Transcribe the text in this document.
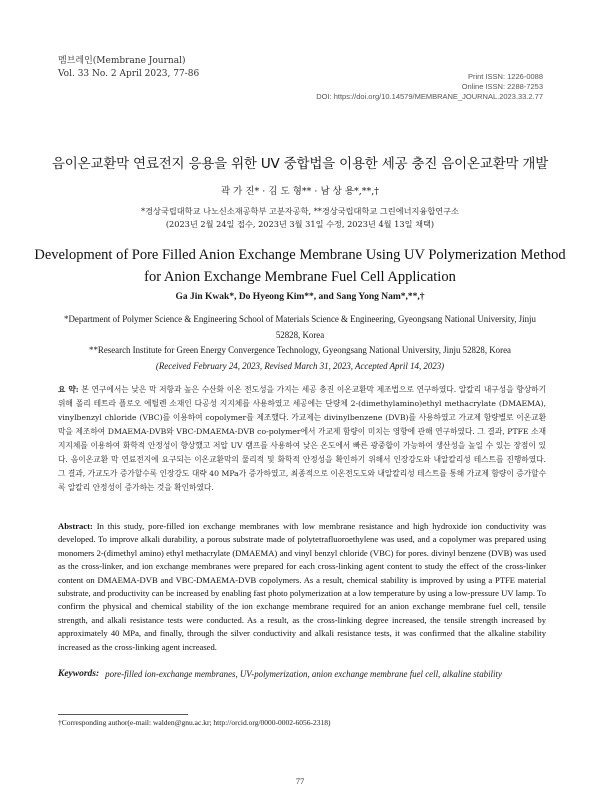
멤브레인(Membrane Journal)
Vol. 33 No. 2 April 2023, 77-86	Print ISSN: 1226-0088
Online ISSN: 2288-7253
DOI: https://doi.org/10.14579/MEMBRANE_JOURNAL.2023.33.2.77
음이온교환막 연료전지 응용을 위한 UV 중합법을 이용한 세공 충진 음이온교환막 개발
곽 가 진* · 김 도 형** · 남 상 용*,**,†
*경상국립대학교 나노신소재공학부 고분자공학, **경상국립대학교 그린에너지융합연구소
(2023년 2월 24일 접수, 2023년 3월 31일 수정, 2023년 4월 13일 채택)
Development of Pore Filled Anion Exchange Membrane Using UV Polymerization Method
for Anion Exchange Membrane Fuel Cell Application
Ga Jin Kwak*, Do Hyeong Kim**, and Sang Yong Nam*,**,†

*Department of Polymer Science & Engineering School of Materials Science & Engineering, Gyeongsang National University, Jinju 52828, Korea

**Research Institute for Green Energy Convergence Technology, Gyeongsang National University, Jinju 52828, Korea

(Received February 24, 2023, Revised March 31, 2023, Accepted April 14, 2023)

요 약: 본 연구에서는 낮은 막 저항과 높은 수산화 이온 전도성을 가지는 세공 충진 이온교환막 제조법으로 연구하였다. 알칼리 내구성을 향상하기 위해 폴리 테트라 플로오 에틸렌 소재인 다공성 지지체를 사용하였고 세공에는 단량체 2-(dimethylamino)ethyl methacrylate (DMAEMA), vinylbenzyl chloride (VBC)를 이용하여 copolymer를 제조했다. 가교제는 divinylbenzene (DVB)를 사용하였고 가교제 함량별로 이온교환막을 제조하여 DMAEMA-DVB와 VBC-DMAEMA-DVB co-polymer에서 가교제 함량이 미치는 영향에 관해 연구하였다. 그 결과, PTFE 소재 지지체를 이용하여 화학적 안정성이 향상했고 저압 UV 램프를 사용하여 낮은 온도에서 빠른 광중합이 가능하여 생산성을 높일 수 있는 장점이 있다. 음이온교환 막 연료전지에 요구되는 이온교환막의 물리적 및 화학적 안정성을 확인하기 위해서 인장강도와 내알칼리성 테스트를 진행하였다. 그 결과, 가교도가 증가할수록 인장강도 대략 40 MPa가 증가하였고, 최종적으로 이온전도도와 내알칼리성 테스트를 통해 가교제 함량이 증가할수록 알칼리 안정성이 증가하는 것을 확인하였다.
Abstract: In this study, pore-filled ion exchange membranes with low membrane resistance and high hydroxide ion conductivity was developed. To improve alkali durability, a porous substrate made of polytetrafluoroethylene was used, and a copolymer was prepared using monomers 2-(dimethyl amino) ethyl methacrylate (DMAEMA) and vinyl benzyl chloride (VBC) for pores. divinyl benzene (DVB) was used as the cross-linker, and ion exchange membranes were prepared for each cross-linking agent content to study the effect of the cross-linker content on DMAEMA-DVB and VBC-DMAEMA-DVB copolymers. As a result, chemical stability is improved by using a PTFE material substrate, and productivity can be increased by enabling fast photo polymerization at a low temperature by using a low-pressure UV lamp. To confirm the physical and chemical stability of the ion exchange membrane required for an anion exchange membrane fuel cell, tensile strength, and alkali resistance tests were conducted. As a result, as the cross-linking degree increased, the tensile strength increased by approximately 40 MPa, and finally, through the silver conductivity and alkali resistance tests, it was confirmed that the alkaline stability increased as the cross-linking agent increased.
Keywords: pore-filled ion-exchange membranes, UV-polymerization, anion exchange membrane fuel cell, alkaline stability
†Corresponding author(e-mail: walden@gnu.ac.kr; http://orcid.org/0000-0002-6056-2318)
77
